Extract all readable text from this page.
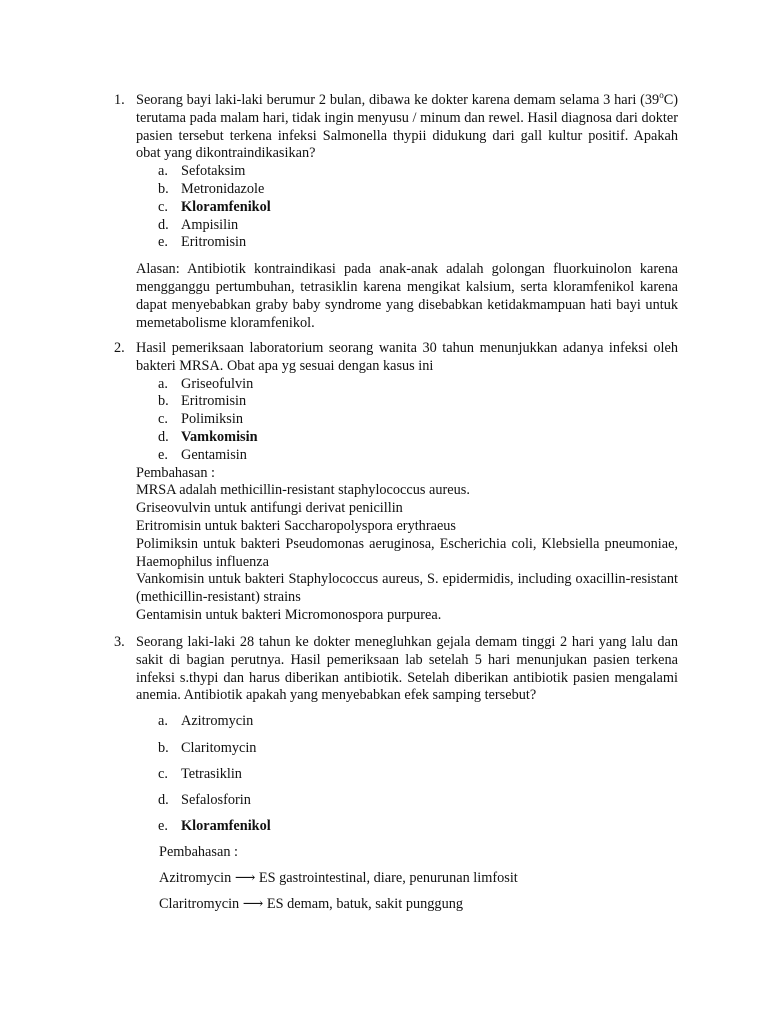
1. Seorang bayi laki-laki berumur 2 bulan, dibawa ke dokter karena demam selama 3 hari (39$^o$C) terutama pada malam hari, tidak ingin menyusu / minum dan rewel. Hasil diagnosa dari dokter pasien tersebut terkena infeksi Salmonella thypii didukung dari gall kultur positif. Apakah obat yang dikontraindikasikan?
a. Sefotaksim
b. Metronidazole
c. Kloramfenikol
d. Ampisilin
e. Eritromisin
Alasan: Antibiotik kontraindikasi pada anak-anak adalah golongan fluorkuinolon karena mengganggu pertumbuhan, tetrasiklin karena mengikat kalsium, serta kloramfenikol karena dapat menyebabkan graby baby syndrome yang disebabkan ketidakmampuan hati bayi untuk memetabolisme kloramfenikol.
2. Hasil pemeriksaan laboratorium seorang wanita 30 tahun menunjukkan adanya infeksi oleh bakteri MRSA. Obat apa yg sesuai dengan kasus ini
a. Griseofulvin
b. Eritromisin
c. Polimiksin
d. Vamkomisin
e. Gentamisin
Pembahasan :
MRSA adalah methicillin-resistant staphylococcus aureus.
Griseovulvin untuk antifungi derivat penicillin
Eritromisin untuk bakteri Saccharopolyspora erythraeus
Polimiksin untuk bakteri Pseudomonas aeruginosa, Escherichia coli, Klebsiella pneumoniae, Haemophilus influenza
Vankomisin untuk bakteri Staphylococcus aureus, S. epidermidis, including oxacillin-resistant (methicillin-resistant) strains
Gentamisin untuk bakteri Micromonospora purpurea.
3. Seorang laki-laki 28 tahun ke dokter menegluhkan gejala demam tinggi 2 hari yang lalu dan sakit di bagian perutnya. Hasil pemeriksaan lab setelah 5 hari menunjukan pasien terkena infeksi s.thypi dan harus diberikan antibiotik. Setelah diberikan antibiotik pasien mengalami anemia. Antibiotik apakah yang menyebabkan efek samping tersebut?
a. Azitromycin
b. Claritomycin
c. Tetrasiklin
d. Sefalosforin
e. Kloramfenikol
Pembahasan :
Azitromycin ⟶ ES gastrointestinal, diare, penurunan limfosit
Claritromycin ⟶ ES demam, batuk, sakit punggung
